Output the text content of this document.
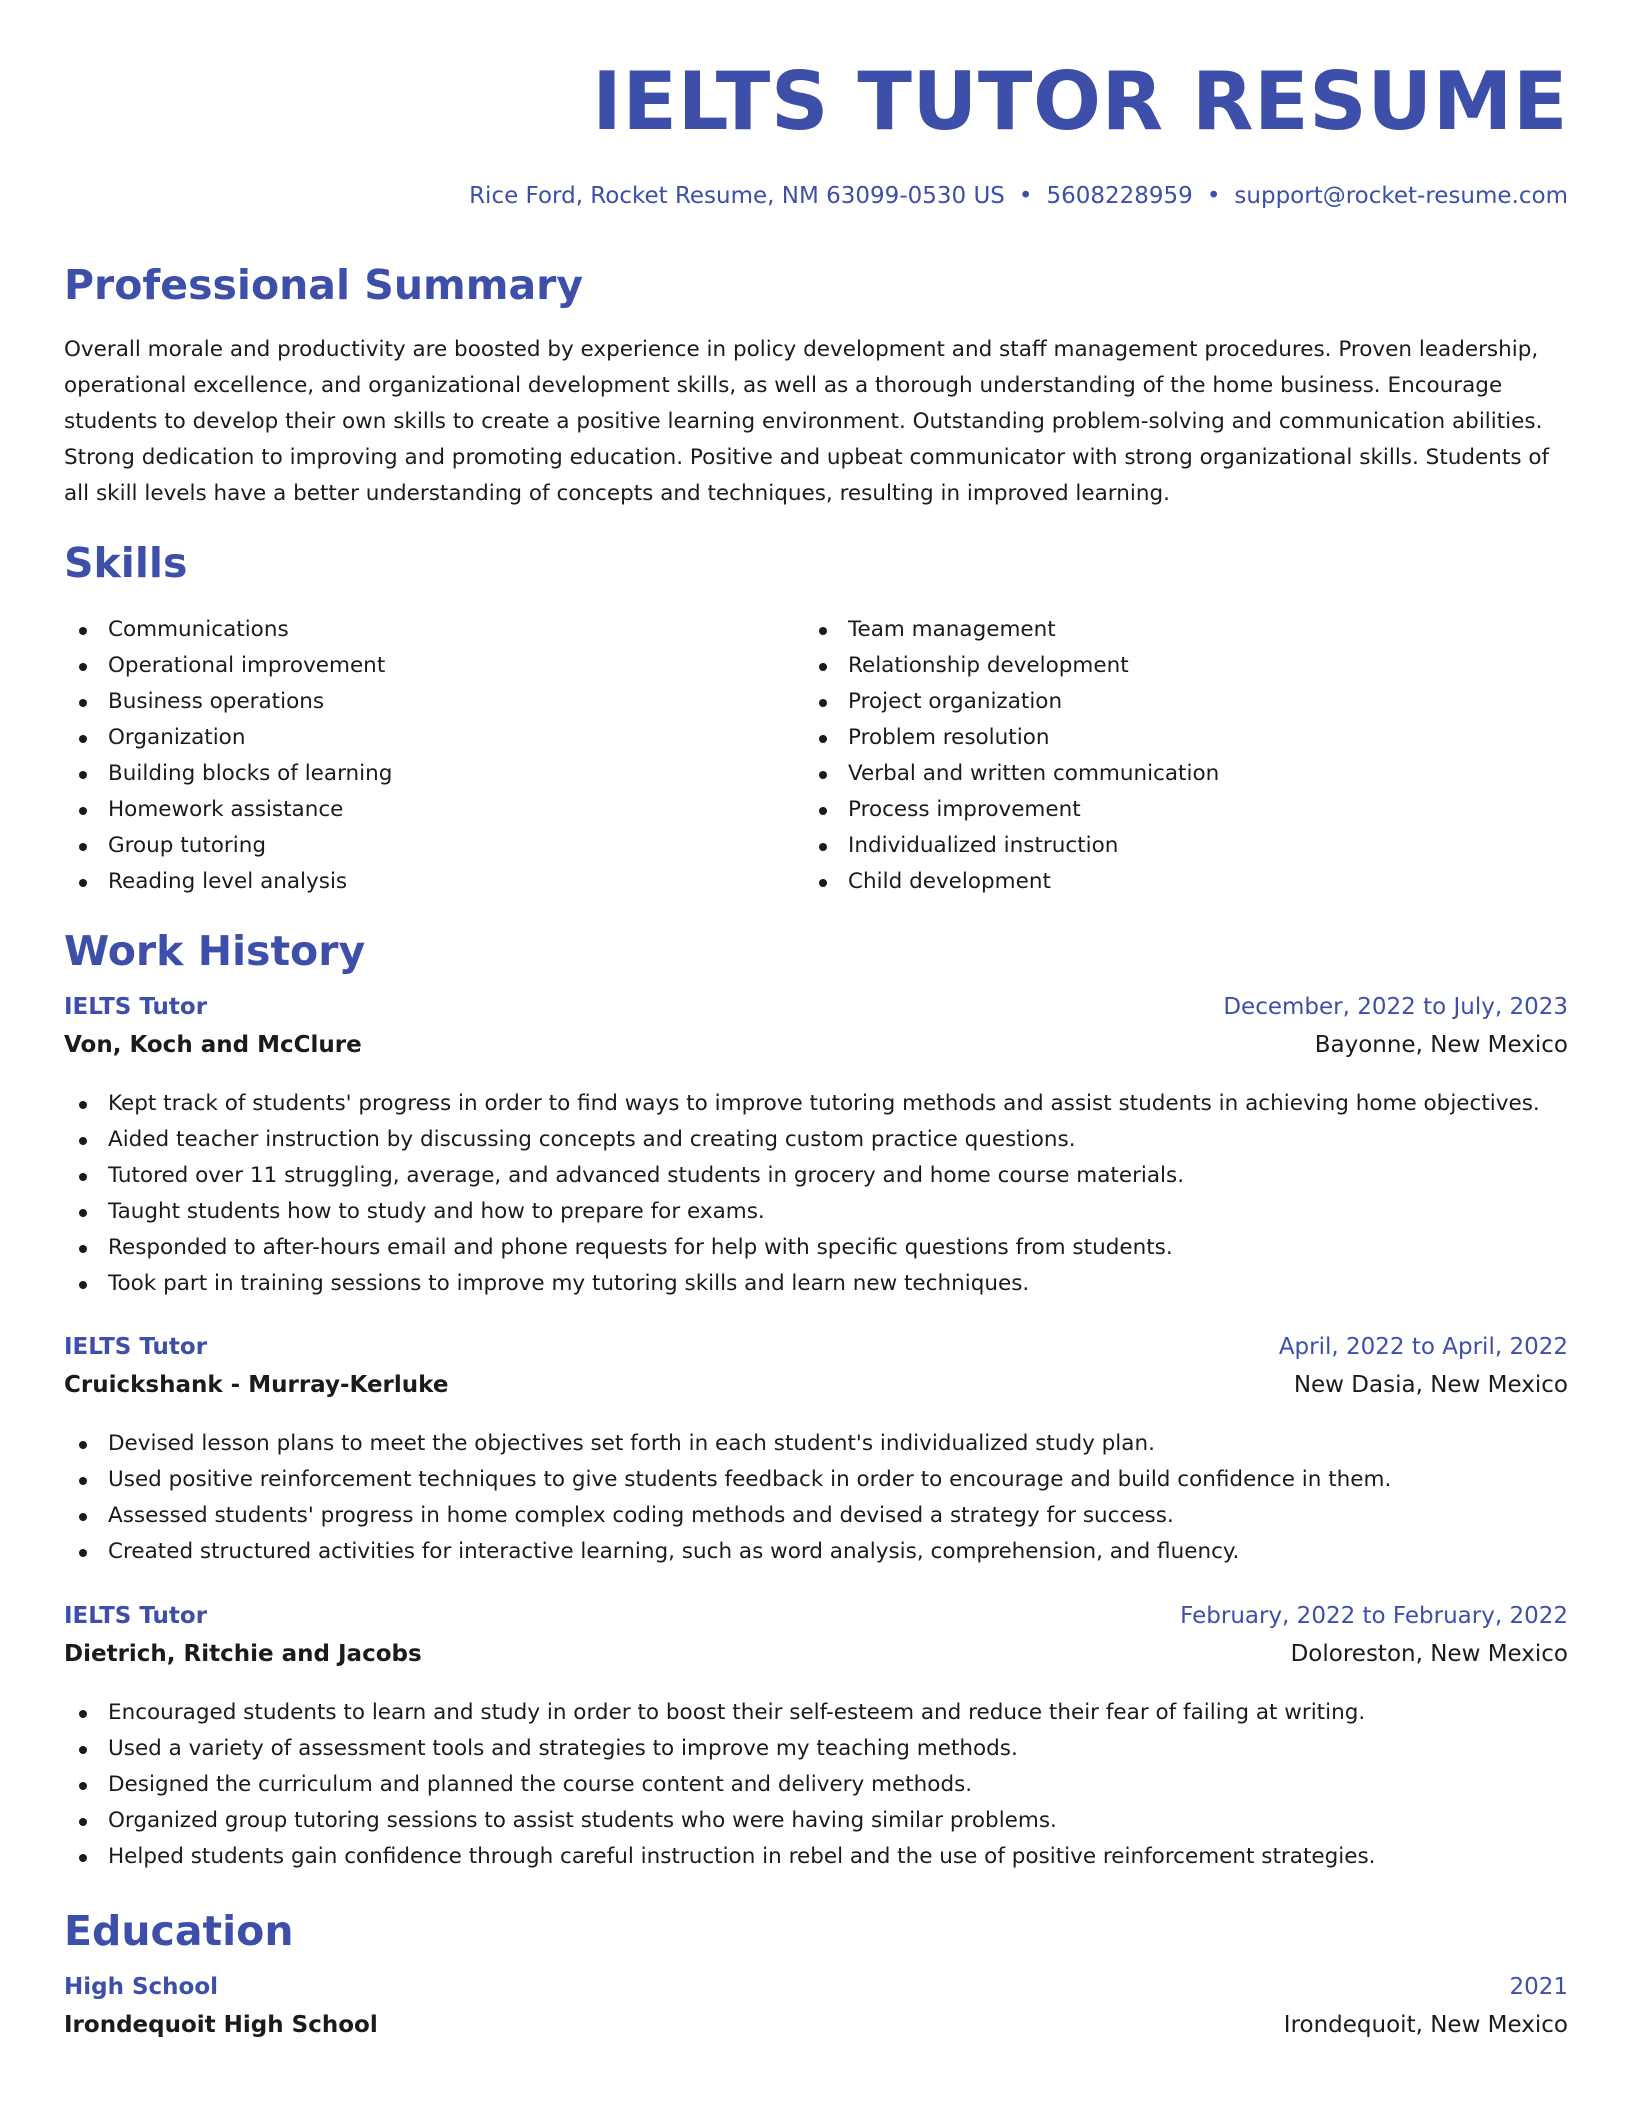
IELTS TUTOR RESUME
Rice Ford, Rocket Resume, NM 63099-0530 US • 5608228959 • support@rocket-resume.com
Professional Summary

Overall morale and productivity are boosted by experience in policy development and staff management procedures. Proven leadership, operational excellence, and organizational development skills, as well as a thorough understanding of the home business. Encourage students to develop their own skills to create a positive learning environment. Outstanding problem-solving and communication abilities. Strong dedication to improving and promoting education. Positive and upbeat communicator with strong organizational skills. Students of all skill levels have a better understanding of concepts and techniques, resulting in improved learning.

Skills
Communications
Operational improvement
Business operations
Organization
Building blocks of learning
Homework assistance
Group tutoring
Reading level analysis
Team management
Relationship development
Project organization
Problem resolution
Verbal and written communication
Process improvement
Individualized instruction
Child development
Work History
IELTS Tutor	December, 2022 to July, 2023
Von, Koch and McClure	Bayonne, New Mexico
Kept track of students' progress in order to find ways to improve tutoring methods and assist students in achieving home objectives.
Aided teacher instruction by discussing concepts and creating custom practice questions.
Tutored over 11 struggling, average, and advanced students in grocery and home course materials.
Taught students how to study and how to prepare for exams.
Responded to after-hours email and phone requests for help with specific questions from students.
Took part in training sessions to improve my tutoring skills and learn new techniques.
IELTS Tutor	April, 2022 to April, 2022
Cruickshank - Murray-Kerluke	New Dasia, New Mexico
Devised lesson plans to meet the objectives set forth in each student's individualized study plan.
Used positive reinforcement techniques to give students feedback in order to encourage and build confidence in them.
Assessed students' progress in home complex coding methods and devised a strategy for success.
Created structured activities for interactive learning, such as word analysis, comprehension, and fluency.
IELTS Tutor	February, 2022 to February, 2022
Dietrich, Ritchie and Jacobs	Doloreston, New Mexico
Encouraged students to learn and study in order to boost their self-esteem and reduce their fear of failing at writing.
Used a variety of assessment tools and strategies to improve my teaching methods.
Designed the curriculum and planned the course content and delivery methods.
Organized group tutoring sessions to assist students who were having similar problems.
Helped students gain confidence through careful instruction in rebel and the use of positive reinforcement strategies.
Education
High School	2021
Irondequoit High School	Irondequoit, New Mexico
